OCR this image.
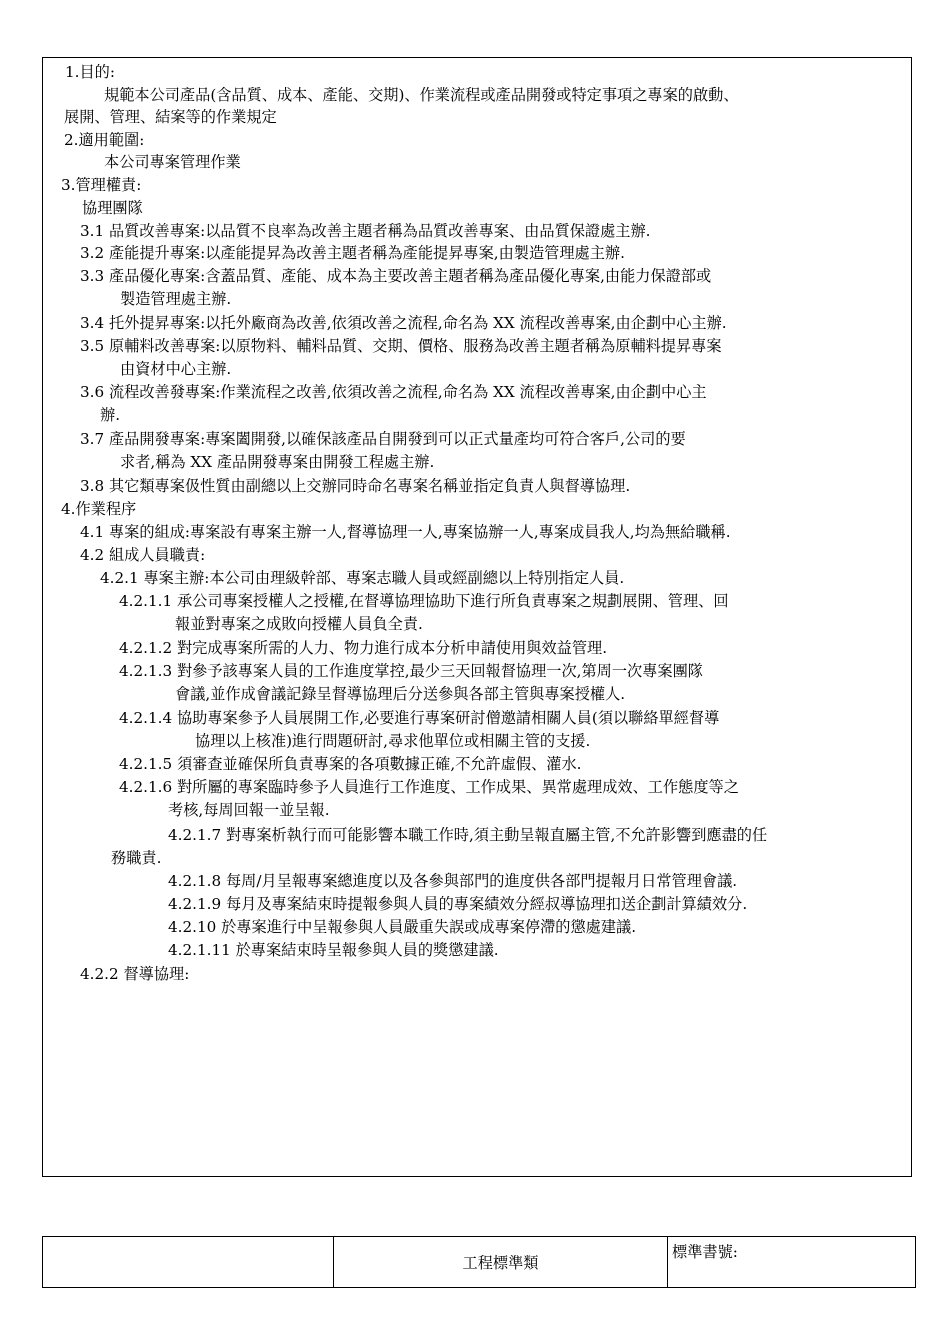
1.目的:
規範本公司產品(含品質、成本、產能、交期)、作業流程或產品開發或特定事項之專案的啟動、
展開、管理、結案等的作業規定
2.適用範圍:
本公司專案管理作業
3.管理權責:
協理團隊
3.1 品質改善專案:以品質不良率為改善主題者稱為品質改善專案、由品質保證處主辦.
3.2 產能提升專案:以產能提昇為改善主題者稱為產能提昇專案,由製造管理處主辦.
3.3 產品優化專案:含蓋品質、產能、成本為主要改善主題者稱為產品優化專案,由能力保證部或
製造管理處主辦.
3.4 托外提昇專案:以托外廠商為改善,依須改善之流程,命名為 XX 流程改善專案,由企劃中心主辦.
3.5 原輔料改善專案:以原物料、輔料品質、交期、價格、服務為改善主題者稱為原輔料提昇專案
由資材中心主辦.
3.6 流程改善發專案:作業流程之改善,依須改善之流程,命名為 XX 流程改善專案,由企劃中心主
辦.
3.7 產品開發專案:專案闔開發,以確保該產品自開發到可以正式量產均可符合客戶,公司的要
求者,稱為 XX 產品開發專案由開發工程處主辦.
3.8 其它類專案伋性質由副總以上交辦同時命名專案名稱並指定負責人與督導協理.
4.作業程序
4.1 專案的組成:專案設有專案主辦一人,督導協理一人,專案協辦一人,專案成員我人,均為無給職稱.
4.2 組成人員職責:
4.2.1 專案主辦:本公司由理級幹部、專案志職人員或經副總以上特別指定人員.
4.2.1.1 承公司專案授權人之授權,在督導協理協助下進行所負責專案之規劃展開、管理、回
報並對專案之成敗向授權人員負全責.
4.2.1.2 對完成專案所需的人力、物力進行成本分析申請使用與效益管理.
4.2.1.3 對參予該專案人員的工作進度掌控,最少三天回報督協理一次,第周一次專案團隊
會議,並作成會議記錄呈督導協理后分送參與各部主管與專案授權人.
4.2.1.4 協助專案參予人員展開工作,必要進行專案研討僧邀請相關人員(須以聯絡單經督導
協理以上核准)進行問題研討,尋求他單位或相關主管的支援.
4.2.1.5 須審查並確保所負責專案的各項數據正確,不允許虛假、灌水.
4.2.1.6 對所屬的專案臨時參予人員進行工作進度、工作成果、異常處理成效、工作態度等之
考核,每周回報一並呈報.
4.2.1.7 對專案析執行而可能影響本職工作時,須主動呈報直屬主管,不允許影響到應盡的任
務職責.
4.2.1.8 每周/月呈報專案總進度以及各參與部門的進度供各部門提報月日常管理會議.
4.2.1.9 每月及專案結束時提報參與人員的專案績效分經叔導協理扣送企劃計算績效分.
4.2.10 於專案進行中呈報參與人員嚴重失誤或成專案停滯的懲處建議.
4.2.1.11 於專案結束時呈報參與人員的獎懲建議.
4.2.2 督導協理:
	工程標準類	標準書號:
